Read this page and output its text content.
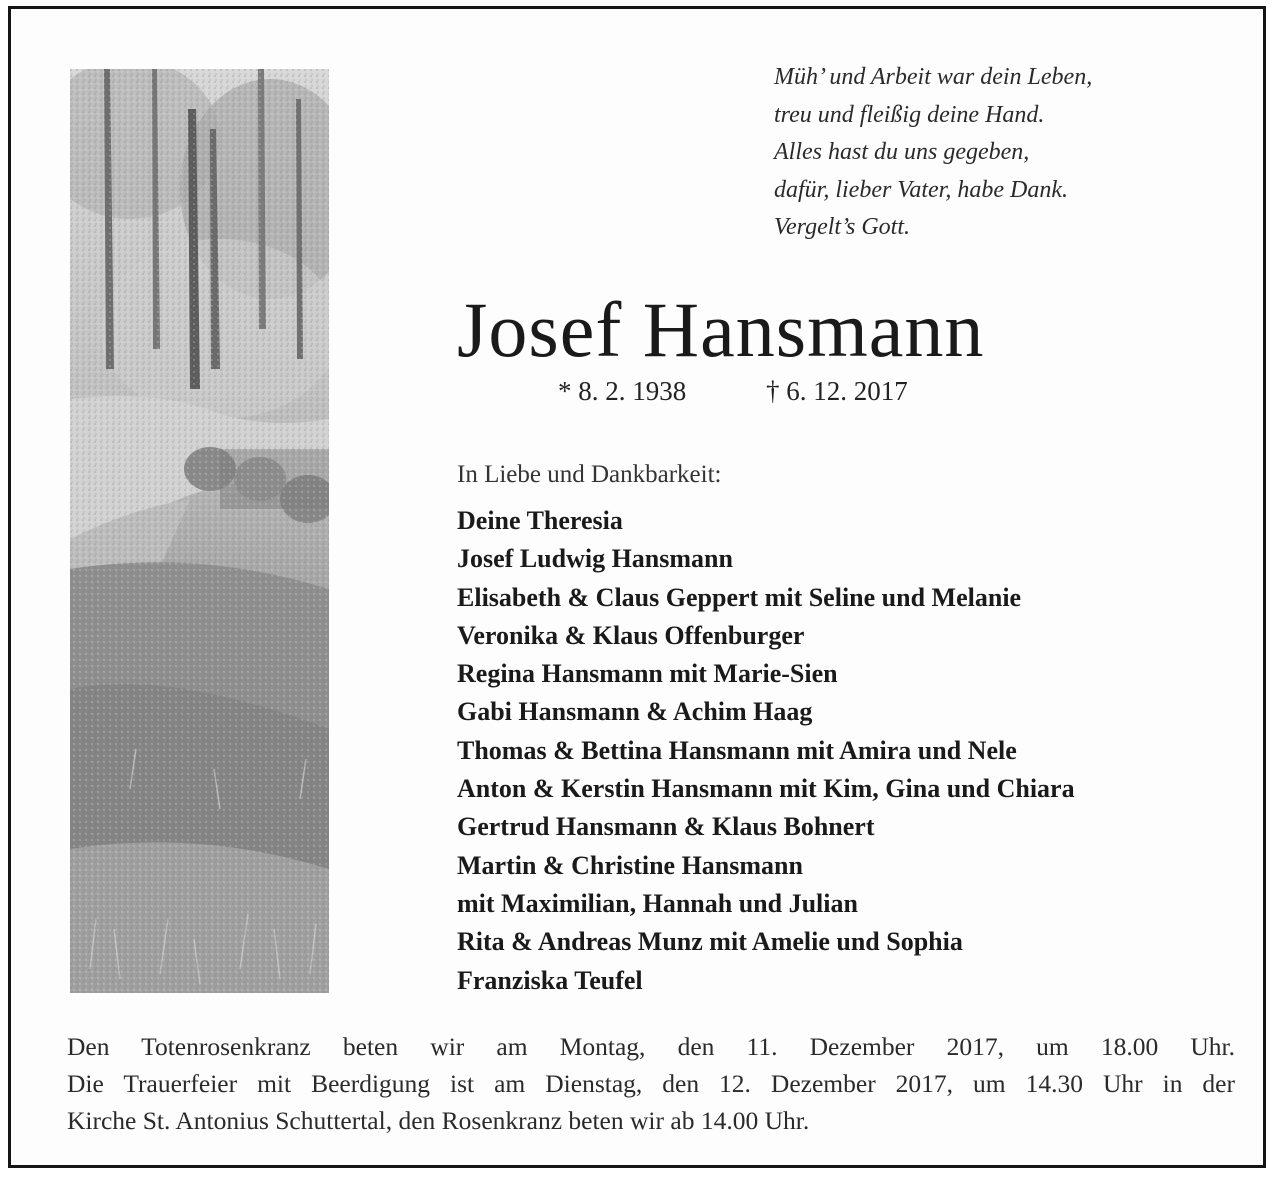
Müh’ und Arbeit war dein Leben,
treu und fleißig deine Hand.
Alles hast du uns gegeben,
dafür, lieber Vater, habe Dank.
Vergelt’s Gott.
Josef Hansmann
* 8. 2. 1938	† 6. 12. 2017
In Liebe und Dankbarkeit:
Deine Theresia
Josef Ludwig Hansmann
Elisabeth & Claus Geppert mit Seline und Melanie
Veronika & Klaus Offenburger
Regina Hansmann mit Marie-Sien
Gabi Hansmann & Achim Haag
Thomas & Bettina Hansmann mit Amira und Nele
Anton & Kerstin Hansmann mit Kim, Gina und Chiara
Gertrud Hansmann & Klaus Bohnert
Martin & Christine Hansmann
mit Maximilian, Hannah und Julian
Rita & Andreas Munz mit Amelie und Sophia
Franziska Teufel
Den Totenrosenkranz beten wir am Montag, den 11. Dezember 2017, um 18.00 Uhr.
Die Trauerfeier mit Beerdigung ist am Dienstag, den 12. Dezember 2017, um 14.30 Uhr in der
Kirche St. Antonius Schuttertal, den Rosenkranz beten wir ab 14.00 Uhr.
